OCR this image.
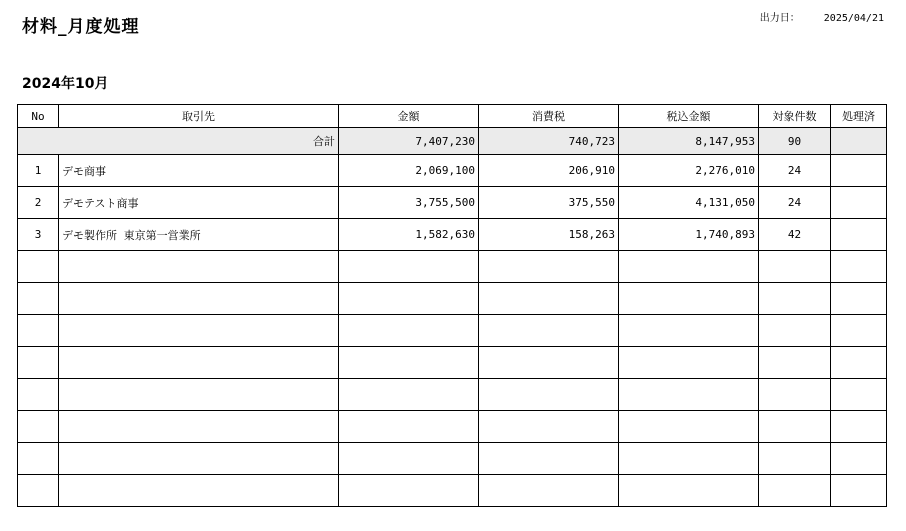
材料_月度処理	出力日： 2025/04/21
2024年10月
No	取引先	金額	消費税	税込金額	対象件数	処理済
合計		7,407,230	740,723	8,147,953	90	
1	デモ商事	2,069,100	206,910	2,276,010	24	
2	デモテスト商事	3,755,500	375,550	4,131,050	24	
3	デモ製作所 東京第一営業所	1,582,630	158,263	1,740,893	42	
